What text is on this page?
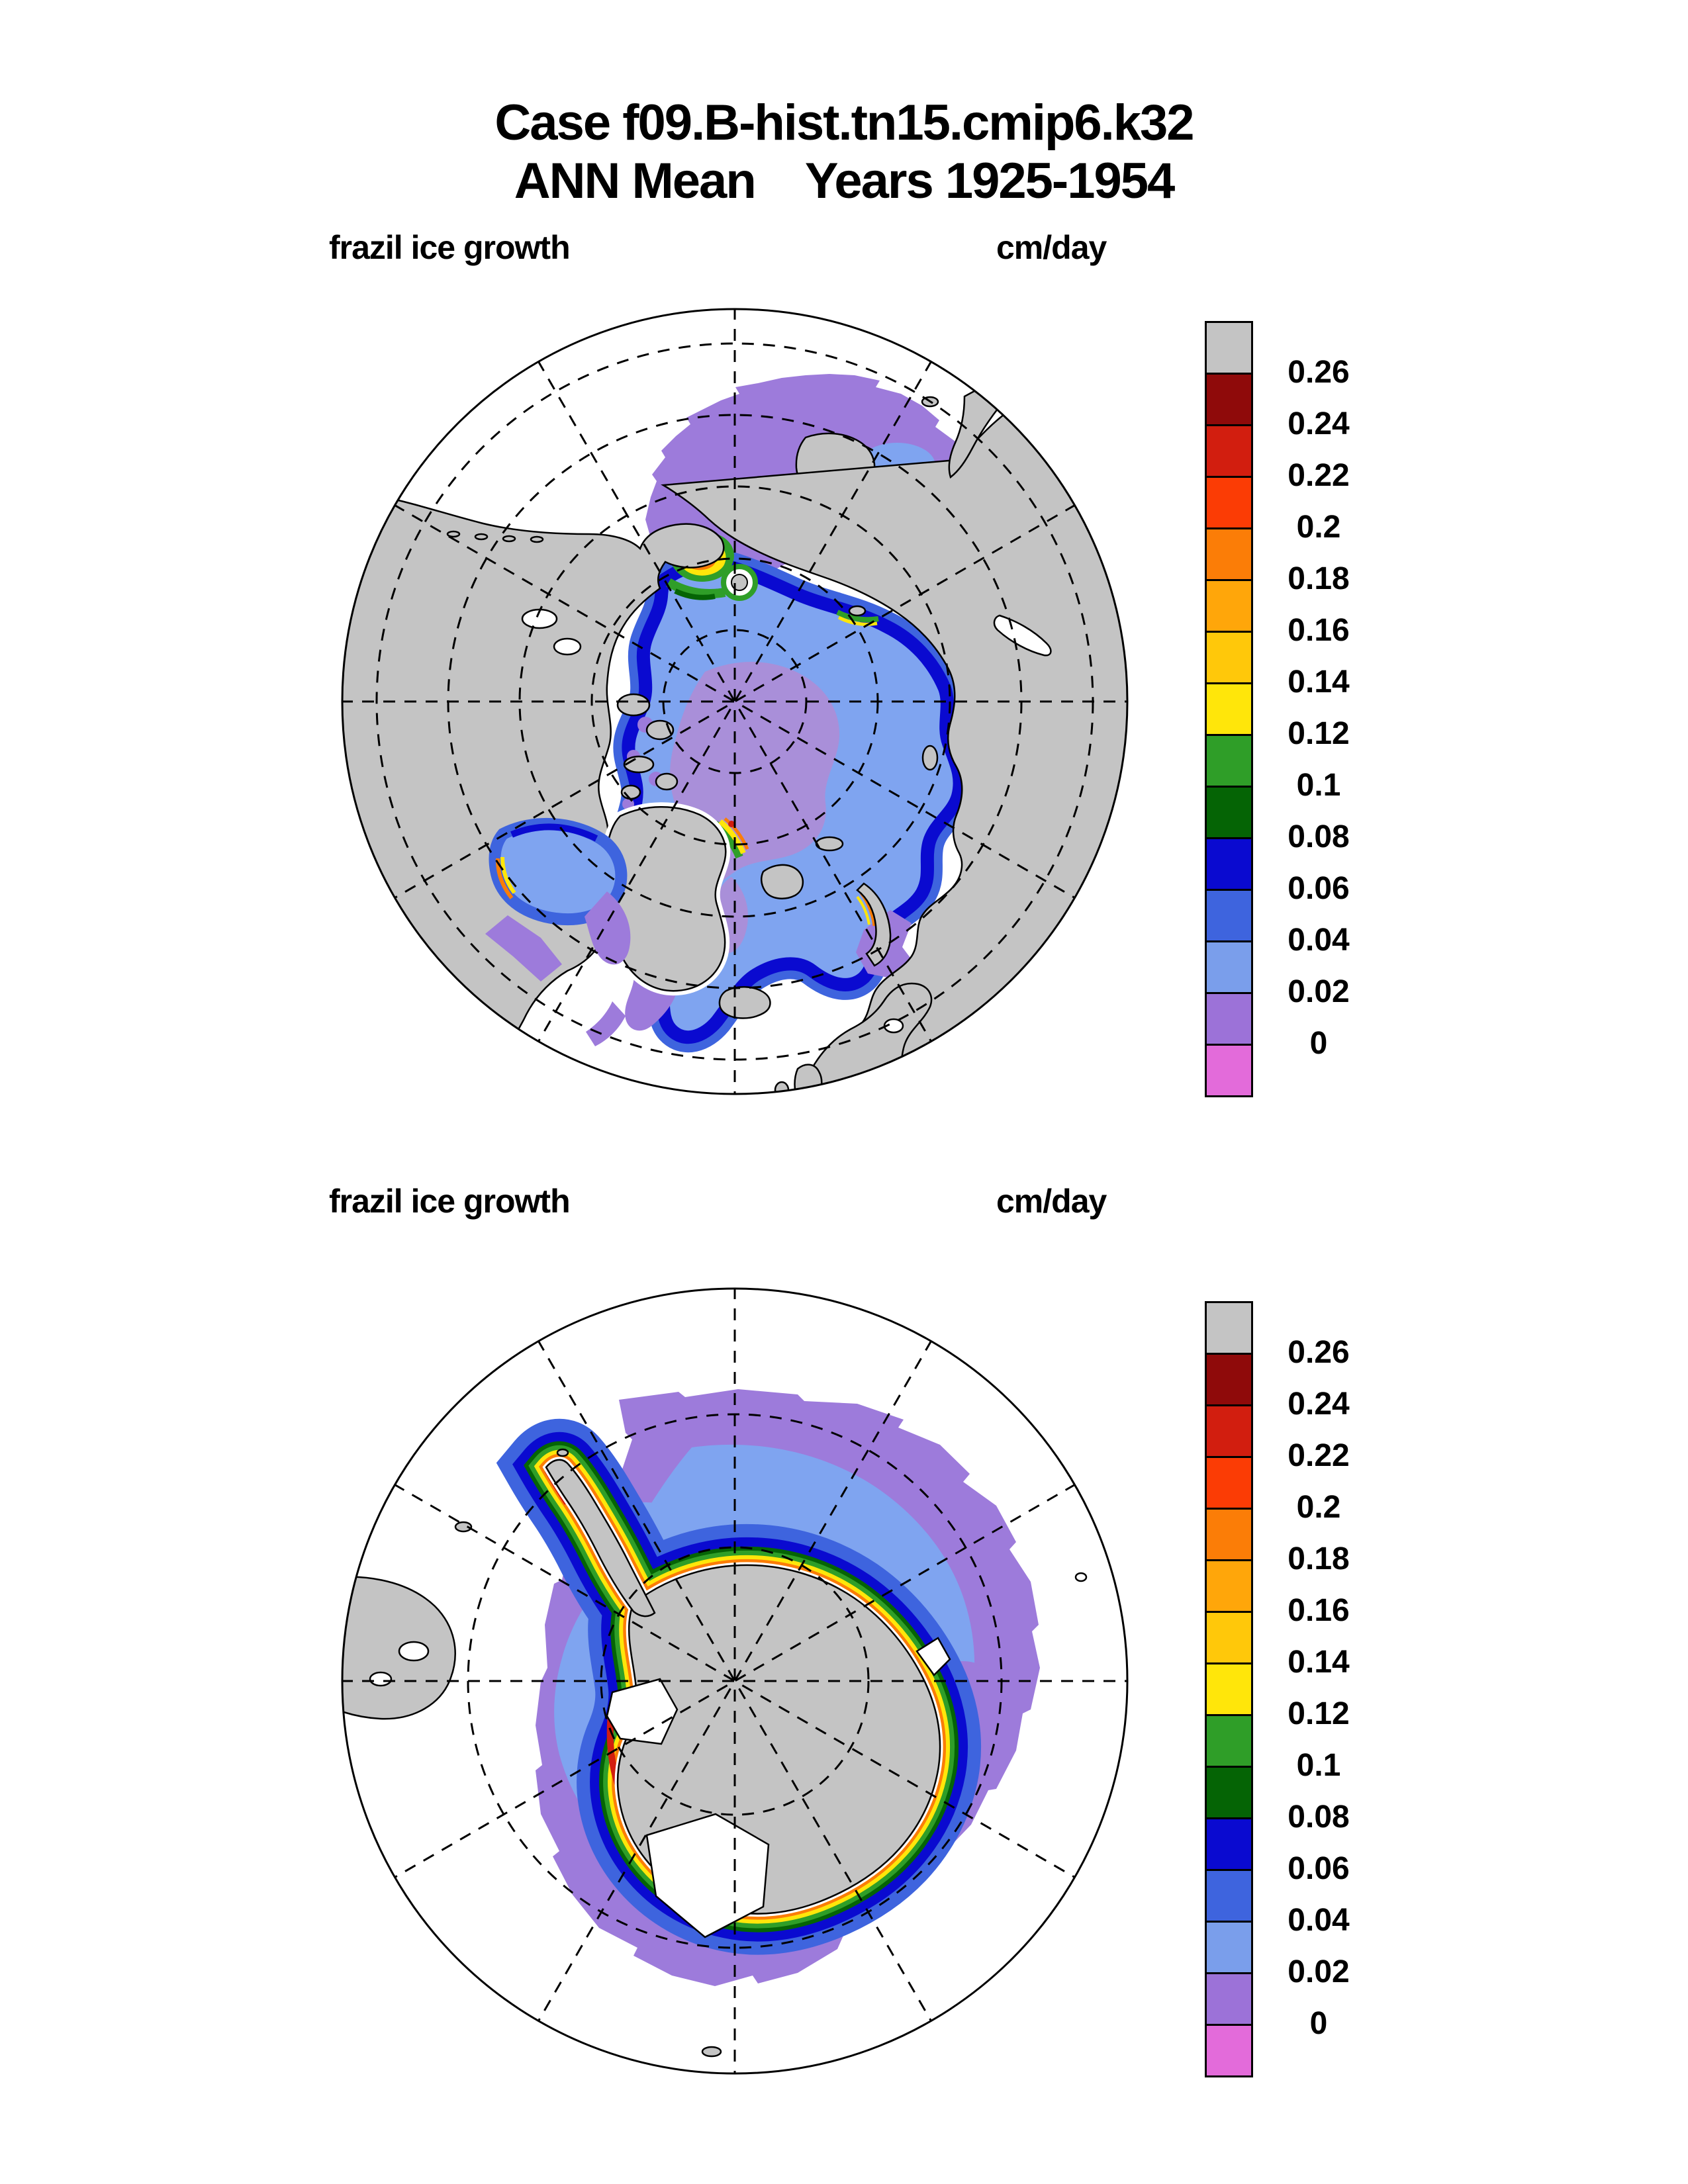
Case f09.B-hist.tn15.cmip6.k32
ANN Mean    Years 1925-1954
frazil ice growth	cm/day
frazil ice growth	cm/day
0.26
0.24
0.22
0.2
0.18
0.16
0.14
0.12
0.1
0.08
0.06
0.04
0.02
0
0.26
0.24
0.22
0.2
0.18
0.16
0.14
0.12
0.1
0.08
0.06
0.04
0.02
0
